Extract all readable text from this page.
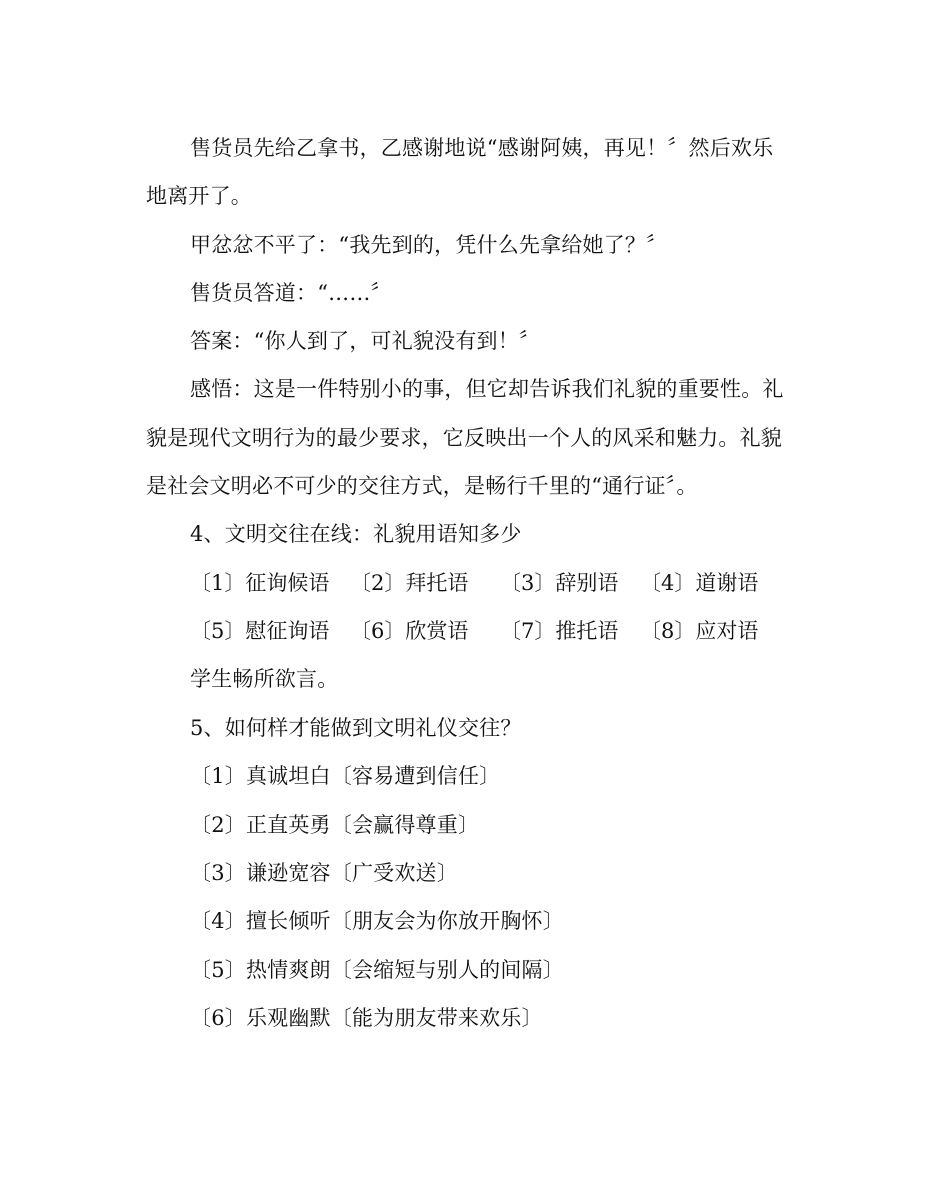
售货员先给乙拿书，乙感谢地说“感谢阿姨，再见！〞然后欢乐
地离开了。
甲忿忿不平了：“我先到的，凭什么先拿给她了？〞
售货员答道：“……〞
答案：“你人到了，可礼貌没有到！〞
感悟：这是一件特别小的事，但它却告诉我们礼貌的重要性。礼
貌是现代文明行为的最少要求，它反映出一个人的风采和魅力。礼貌
是社会文明必不可少的交往方式，是畅行千里的“通行证〞。
4、文明交往在线：礼貌用语知多少
〔1〕征询候语 〔2〕拜托语 〔3〕辞别语 〔4〕道谢语
〔5〕慰征询语 〔6〕欣赏语 〔7〕推托语 〔8〕应对语
学生畅所欲言。
5、如何样才能做到文明礼仪交往？
〔1〕真诚坦白〔容易遭到信任〕
〔2〕正直英勇〔会赢得尊重〕
〔3〕谦逊宽容〔广受欢送〕
〔4〕擅长倾听〔朋友会为你放开胸怀〕
〔5〕热情爽朗〔会缩短与别人的间隔〕
〔6〕乐观幽默〔能为朋友带来欢乐〕
